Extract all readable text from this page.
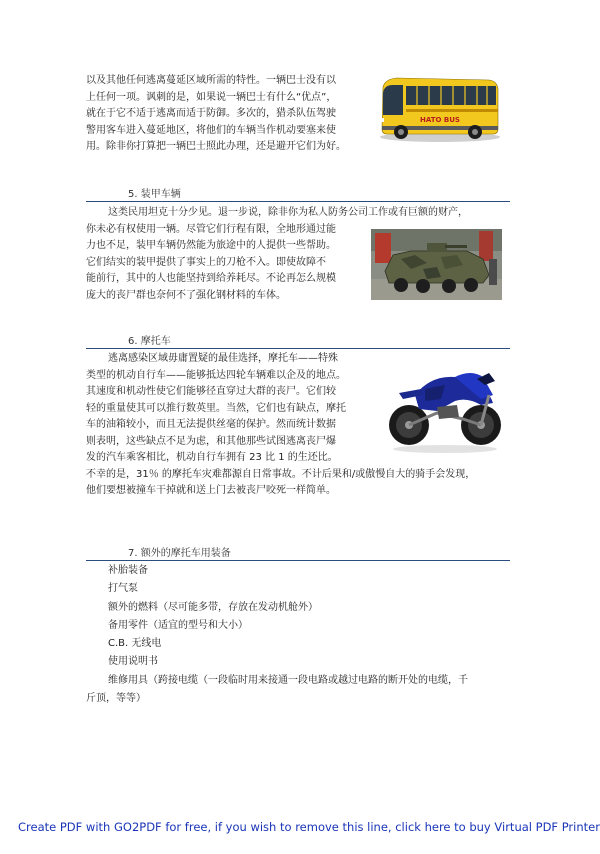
以及其他任何逃离蔓延区域所需的特性。一辆巴士没有以
上任何一项。讽刺的是，如果说一辆巴士有什么“优点”，
就在于它不适于逃离而适于防御。多次的，猎杀队伍驾驶
警用客车进入蔓延地区，将他们的车辆当作机动要塞来使
用。除非你打算把一辆巴士照此办理，还是避开它们为好。
HATO BUS
5. 装甲车辆
这类民用坦克十分少见。退一步说，除非你为私人防务公司工作或有巨额的财产，
你未必有权使用一辆。尽管它们行程有限，全地形通过能
力也不足，装甲车辆仍然能为旅途中的人提供一些帮助。
它们结实的装甲提供了事实上的刀枪不入。即使故障不
能前行，其中的人也能坚持到给养耗尽。不论再怎么规模
庞大的丧尸群也奈何不了强化钢材料的车体。
6. 摩托车
逃离感染区域毋庸置疑的最佳选择，摩托车——特殊
类型的机动自行车——能够抵达四轮车辆难以企及的地点。
其速度和机动性使它们能够径直穿过大群的丧尸。它们较
轻的重量使其可以推行数英里。当然，它们也有缺点，摩托
车的油箱较小，而且无法提供丝毫的保护。然而统计数据
则表明，这些缺点不足为虑，和其他那些试图逃离丧尸爆
发的汽车乘客相比，机动自行车拥有 23 比 1 的生还比。
不幸的是，31％ 的摩托车灾难都源自日常事故。不计后果和/或傲慢自大的骑手会发现，
他们要想被撞车干掉就和送上门去被丧尸咬死一样简单。
7. 额外的摩托车用装备
补胎装备
打气泵
额外的燃料（尽可能多带，存放在发动机舱外）
备用零件（适宜的型号和大小）
C.B. 无线电
使用说明书
维修用具（跨接电缆（一段临时用来接通一段电路或越过电路的断开处的电缆，千
斤顶，等等）
Create PDF with GO2PDF for free, if you wish to remove this line, click here to buy Virtual PDF Printer
